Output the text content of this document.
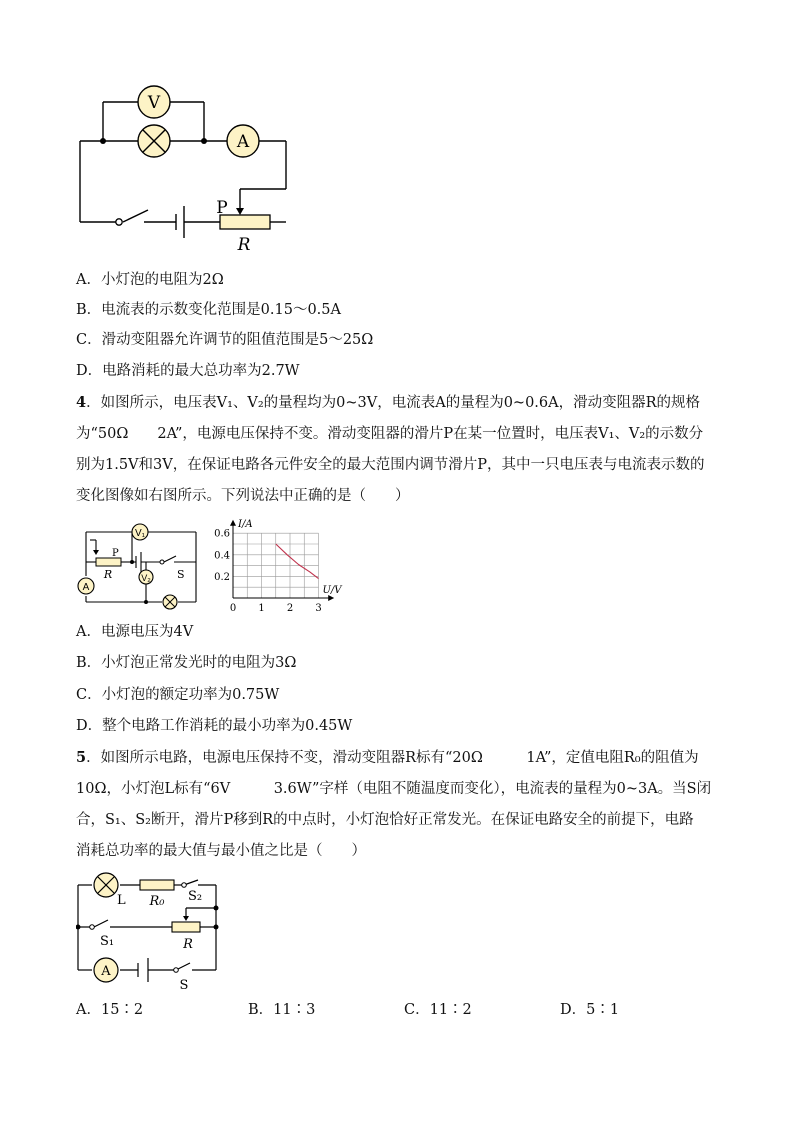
V
A
P
R
A．小灯泡的电阻为2Ω
B．电流表的示数变化范围是0.15～0.5A
C．滑动变阻器允许调节的阻值范围是5～25Ω
D．电路消耗的最大总功率为2.7W
4．如图所示，电压表V₁、V₂的量程均为0~3V，电流表A的量程为0~0.6A，滑动变阻器R的规格
为“50Ω　　2A”，电源电压保持不变。滑动变阻器的滑片P在某一位置时，电压表V₁、V₂的示数分
别为1.5V和3V，在保证电路各元件安全的最大范围内调节滑片P，其中一只电压表与电流表示数的
变化图像如右图所示。下列说法中正确的是（　　）
V₁
V₂
A
P
R	S
0 1 2 3
0.2
0.4
0.6
I/A
U/V
A．电源电压为4V
B．小灯泡正常发光时的电阻为3Ω
C．小灯泡的额定功率为0.75W
D．整个电路工作消耗的最小功率为0.45W
5．如图所示电路，电源电压保持不变，滑动变阻器R标有“20Ω　　　1A”，定值电阻R₀的阻值为
10Ω，小灯泡L标有“6V　　　3.6W”字样（电阻不随温度而变化），电流表的量程为0~3A。当S闭
合，S₁、S₂断开，滑片P移到R的中点时，小灯泡恰好正常发光。在保证电路安全的前提下，电路
消耗总功率的最大值与最小值之比是（　　）
L R₀ S₂
S₁	R
A
S
A．15∶2	B．11∶3	C．11∶2	D．5∶1
